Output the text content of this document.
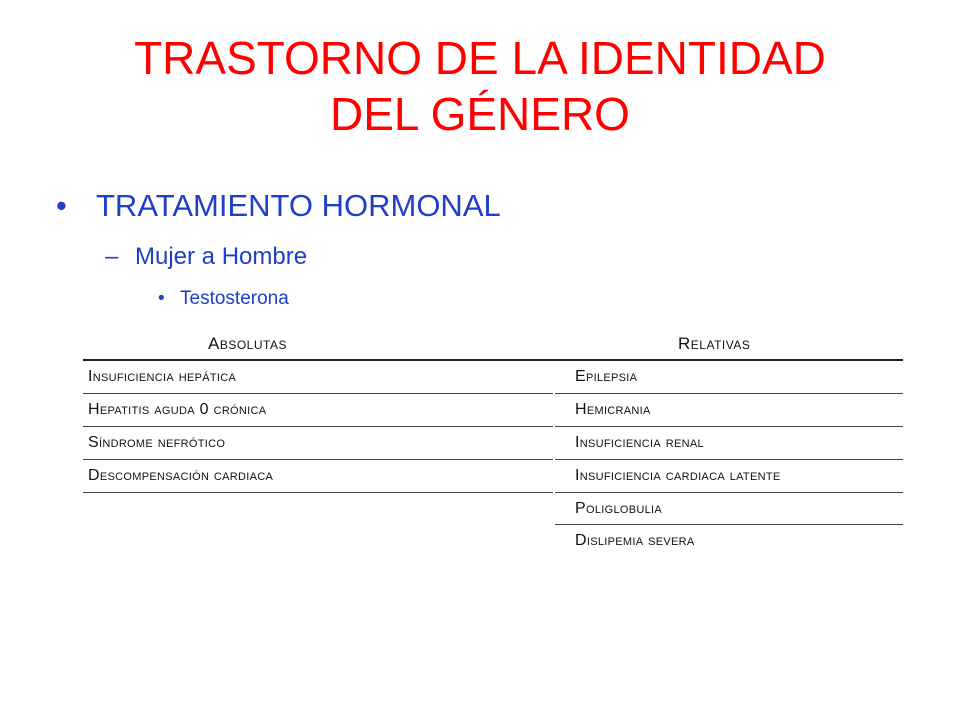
TRASTORNO DE LA IDENTIDAD
DEL GÉNERO
• TRATAMIENTO HORMONAL
– Mujer a Hombre
• Testosterona
Absolutas	Relativas
Insuficiencia hepática
Hepatitis aguda 0 crónica
Síndrome nefrótico
Descompensación cardiaca
Epilepsia
Hemicrania
Insuficiencia renal
Insuficiencia cardiaca latente
Poliglobulia
Dislipemia severa
